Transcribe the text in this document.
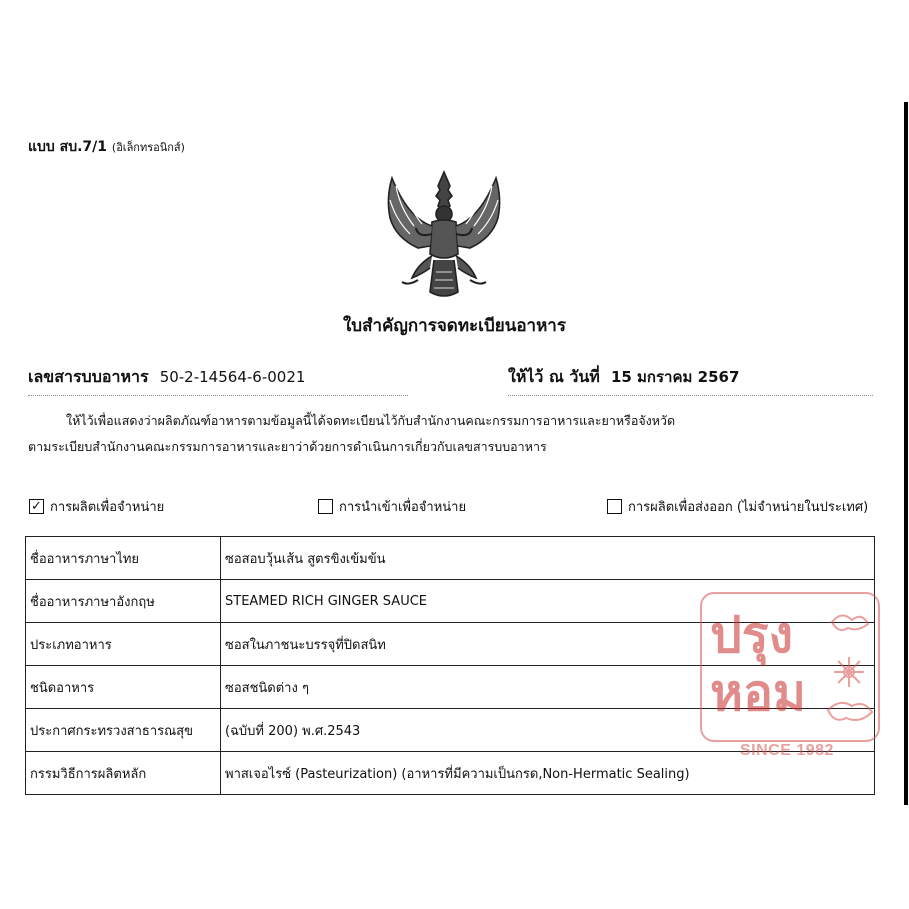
แบบ สบ.7/1 (อิเล็กทรอนิกส์)
ใบสำคัญการจดทะเบียนอาหาร
เลขสารบบอาหาร 50-2-14564-6-0021	ให้ไว้ ณ วันที่ 15 มกราคม 2567
ให้ไว้เพื่อแสดงว่าผลิตภัณฑ์อาหารตามข้อมูลนี้ได้จดทะเบียนไว้กับสำนักงานคณะกรรมการอาหารและยาหรือจังหวัด
ตามระเบียบสำนักงานคณะกรรมการอาหารและยาว่าด้วยการดำเนินการเกี่ยวกับเลขสารบบอาหาร
✓ การผลิตเพื่อจำหน่าย	การนำเข้าเพื่อจำหน่าย	การผลิตเพื่อส่งออก (ไม่จำหน่ายในประเทศ)
ชื่ออาหารภาษาไทย	ซอสอบวุ้นเส้น สูตรขิงเข้มข้น
ชื่ออาหารภาษาอังกฤษ	STEAMED RICH GINGER SAUCE
ประเภทอาหาร	ซอสในภาชนะบรรจุที่ปิดสนิท
ชนิดอาหาร	ซอสชนิดต่าง ๆ
ประกาศกระทรวงสาธารณสุข	(ฉบับที่ 200) พ.ศ.2543
กรรมวิธีการผลิตหลัก	พาสเจอไรซ์ (Pasteurization) (อาหารที่มีความเป็นกรด,Non-Hermatic Sealing)
ปรุง
หอม
SINCE 1982
